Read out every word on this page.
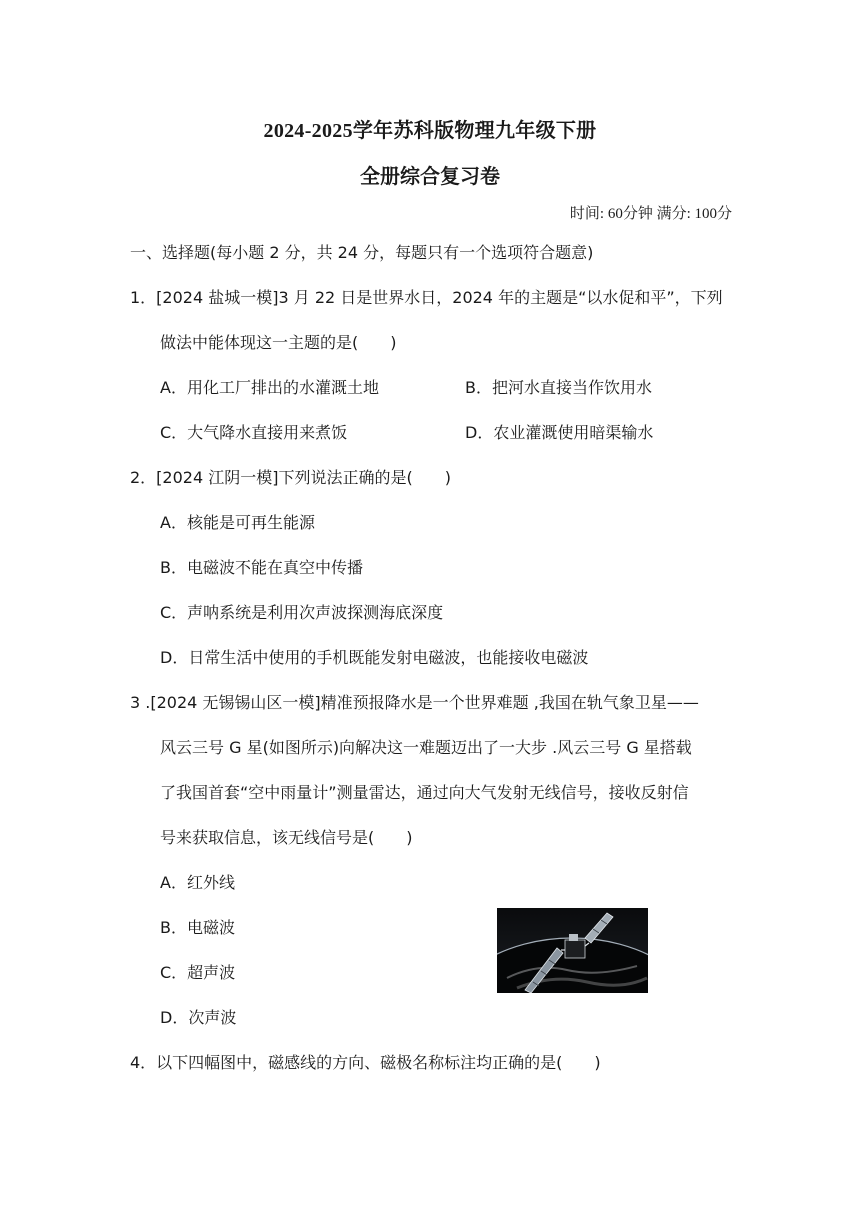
2024-2025学年苏科版物理九年级下册
全册综合复习卷
时间: 60分钟 满分: 100分
一、选择题(每小题 2 分，共 24 分，每题只有一个选项符合题意)
1．[2024 盐城一模]3 月 22 日是世界水日，2024 年的主题是“以水促和平”，下列
做法中能体现这一主题的是(　　)
A．用化工厂排出的水灌溉土地	B．把河水直接当作饮用水
C．大气降水直接用来煮饭	D．农业灌溉使用暗渠输水
2．[2024 江阴一模]下列说法正确的是(　　)
A．核能是可再生能源
B．电磁波不能在真空中传播
C．声呐系统是利用次声波探测海底深度
D．日常生活中使用的手机既能发射电磁波，也能接收电磁波
3 .[2024 无锡锡山区一模]精准预报降水是一个世界难题 ,我国在轨气象卫星——
风云三号 G 星(如图所示)向解决这一难题迈出了一大步 .风云三号 G 星搭载
了我国首套“空中雨量计”测量雷达，通过向大气发射无线信号，接收反射信
号来获取信息，该无线信号是(　　)
A．红外线
B．电磁波
C．超声波
D．次声波
4．以下四幅图中，磁感线的方向、磁极名称标注均正确的是(　　)
